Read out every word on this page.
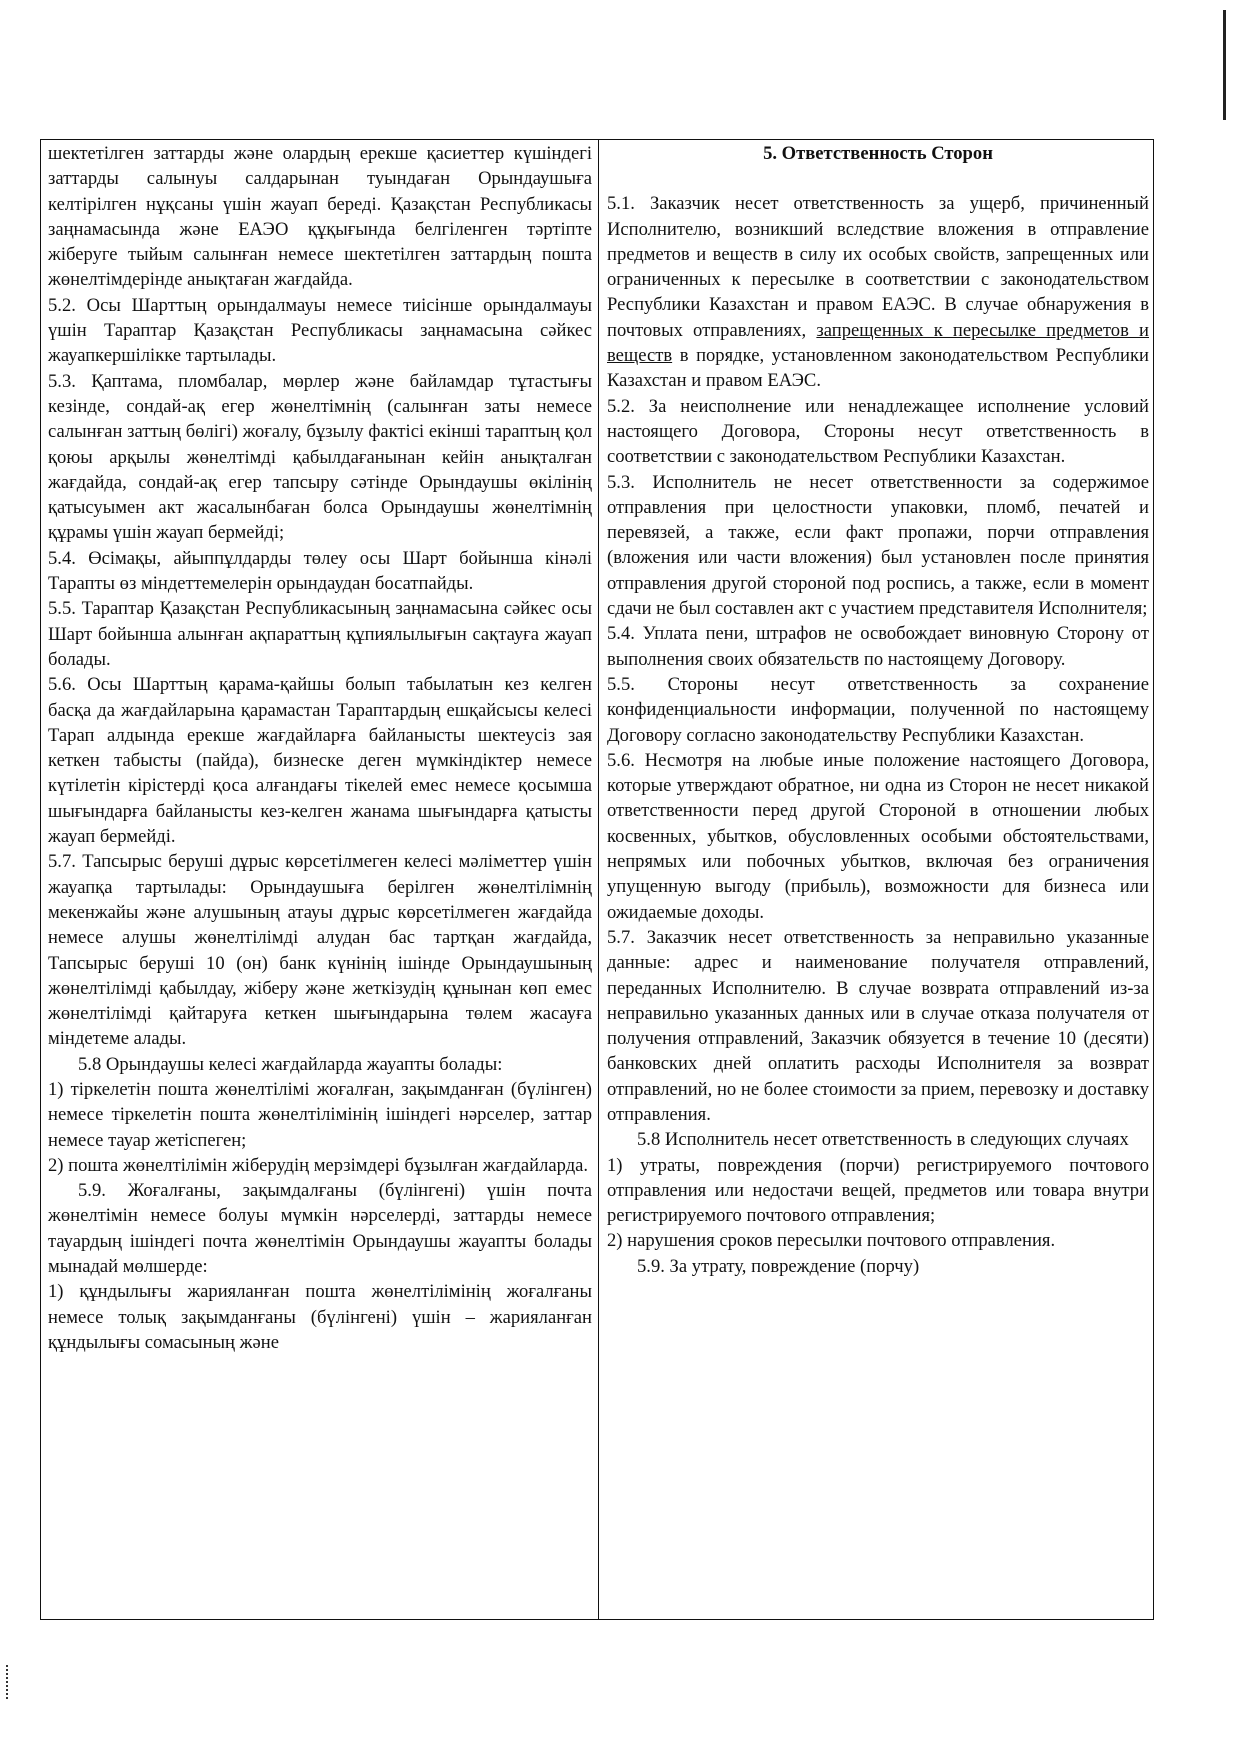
шектетілген заттарды және олардың ерекше қасиеттер күшіндегі заттарды салынуы салдарынан туындаған Орындаушыға келтірілген нұқсаны үшін жауап береді. Қазақстан Республикасы заңнамасында және ЕАЭО құқығында белгіленген тәртіпте жіберуге тыйым салынған немесе шектетілген заттардың пошта жөнелтімдерінде анықтаған жағдайда.

5.2. Осы Шарттың орындалмауы немесе тиісінше орындалмауы үшін Тараптар Қазақстан Республикасы заңнамасына сәйкес жауапкершілікке тартылады.

5.3. Қаптама, пломбалар, мөрлер және байламдар тұтастығы кезінде, сондай-ақ егер жөнелтімнің (салынған заты немесе салынған заттың бөлігі) жоғалу, бұзылу фактісі екінші тараптың қол қоюы арқылы жөнелтімді қабылдағанынан кейін анықталған жағдайда, сондай-ақ егер тапсыру сәтінде Орындаушы өкілінің қатысуымен акт жасалынбаған болса Орындаушы жөнелтімнің құрамы үшін жауап бермейді;

5.4. Өсімақы, айыппұлдарды төлеу осы Шарт бойынша кінәлі Тарапты өз міндеттемелерін орындаудан босатпайды.

5.5. Тараптар Қазақстан Республикасының заңнамасына сәйкес осы Шарт бойынша алынған ақпараттың құпиялылығын сақтауға жауап болады.

5.6. Осы Шарттың қарама-қайшы болып табылатын кез келген басқа да жағдайларына қарамастан Тараптардың ешқайсысы келесі Тарап алдында ерекше жағдайларға байланысты шектеусіз зая кеткен табысты (пайда), бизнеске деген мүмкіндіктер немесе күтілетін кірістерді қоса алғандағы тікелей емес немесе қосымша шығындарға байланысты кез-келген жанама шығындарға қатысты жауап бермейді.

5.7. Тапсырыс беруші дұрыс көрсетілмеген келесі мәліметтер үшін жауапқа тартылады: Орындаушыға берілген жөнелтілімнің мекенжайы және алушының атауы дұрыс көрсетілмеген жағдайда немесе алушы жөнелтілімді алудан бас тартқан жағдайда, Тапсырыс беруші 10 (он) банк күнінің ішінде Орындаушының жөнелтілімді қабылдау, жіберу және жеткізудің құнынан көп емес жөнелтілімді қайтаруға кеткен шығындарына төлем жасауға міндетеме алады.

5.8 Орындаушы келесі жағдайларда жауапты болады:

1) тіркелетін пошта жөнелтілімі жоғалған, зақымданған (бүлінген) немесе тіркелетін пошта жөнелтілімінің ішіндегі нәрселер, заттар немесе тауар жетіспеген;

2) пошта жөнелтілімін жіберудің мерзімдері бұзылған жағдайларда.

5.9. Жоғалғаны, зақымдалғаны (бүлінгені) үшін почта жөнелтімін немесе болуы мүмкін нәрселерді, заттарды немесе тауардың ішіндегі почта жөнелтімін Орындаушы жауапты болады мынадай мөлшерде:

1) құндылығы жарияланған пошта жөнелтілімінің жоғалғаны немесе толық зақымданғаны (бүлінгені) үшін – жарияланған құндылығы сомасының және

5. Ответственность Сторон

5.1. Заказчик несет ответственность за ущерб, причиненный Исполнителю, возникший вследствие вложения в отправление предметов и веществ в силу их особых свойств, запрещенных или ограниченных к пересылке в соответствии с законодательством Республики Казахстан и правом ЕАЭС. В случае обнаружения в почтовых отправлениях, запрещенных к пересылке предметов и веществ в порядке, установленном законодательством Республики Казахстан и правом ЕАЭС.

5.2. За неисполнение или ненадлежащее исполнение условий настоящего Договора, Стороны несут ответственность в соответствии с законодательством Республики Казахстан.

5.3. Исполнитель не несет ответственности за содержимое отправления при целостности упаковки, пломб, печатей и перевязей, а также, если факт пропажи, порчи отправления (вложения или части вложения) был установлен после принятия отправления другой стороной под роспись, а также, если в момент сдачи не был составлен акт с участием представителя Исполнителя;

5.4. Уплата пени, штрафов не освобождает виновную Сторону от выполнения своих обязательств по настоящему Договору.

5.5. Стороны несут ответственность за сохранение конфиденциальности информации, полученной по настоящему Договору согласно законодательству Республики Казахстан.

5.6. Несмотря на любые иные положение настоящего Договора, которые утверждают обратное, ни одна из Сторон не несет никакой ответственности перед другой Стороной в отношении любых косвенных, убытков, обусловленных особыми обстоятельствами, непрямых или побочных убытков, включая без ограничения упущенную выгоду (прибыль), возможности для бизнеса или ожидаемые доходы.

5.7. Заказчик несет ответственность за неправильно указанные данные: адрес и наименование получателя отправлений, переданных Исполнителю. В случае возврата отправлений из-за неправильно указанных данных или в случае отказа получателя от получения отправлений, Заказчик обязуется в течение 10 (десяти) банковских дней оплатить расходы Исполнителя за возврат отправлений, но не более стоимости за прием, перевозку и доставку отправления.

5.8 Исполнитель несет ответственность в следующих случаях

1) утраты, повреждения (порчи) регистрируемого почтового отправления или недостачи вещей, предметов или товара внутри регистрируемого почтового отправления;

2) нарушения сроков пересылки почтового отправления.

5.9. За утрату, повреждение (порчу)
